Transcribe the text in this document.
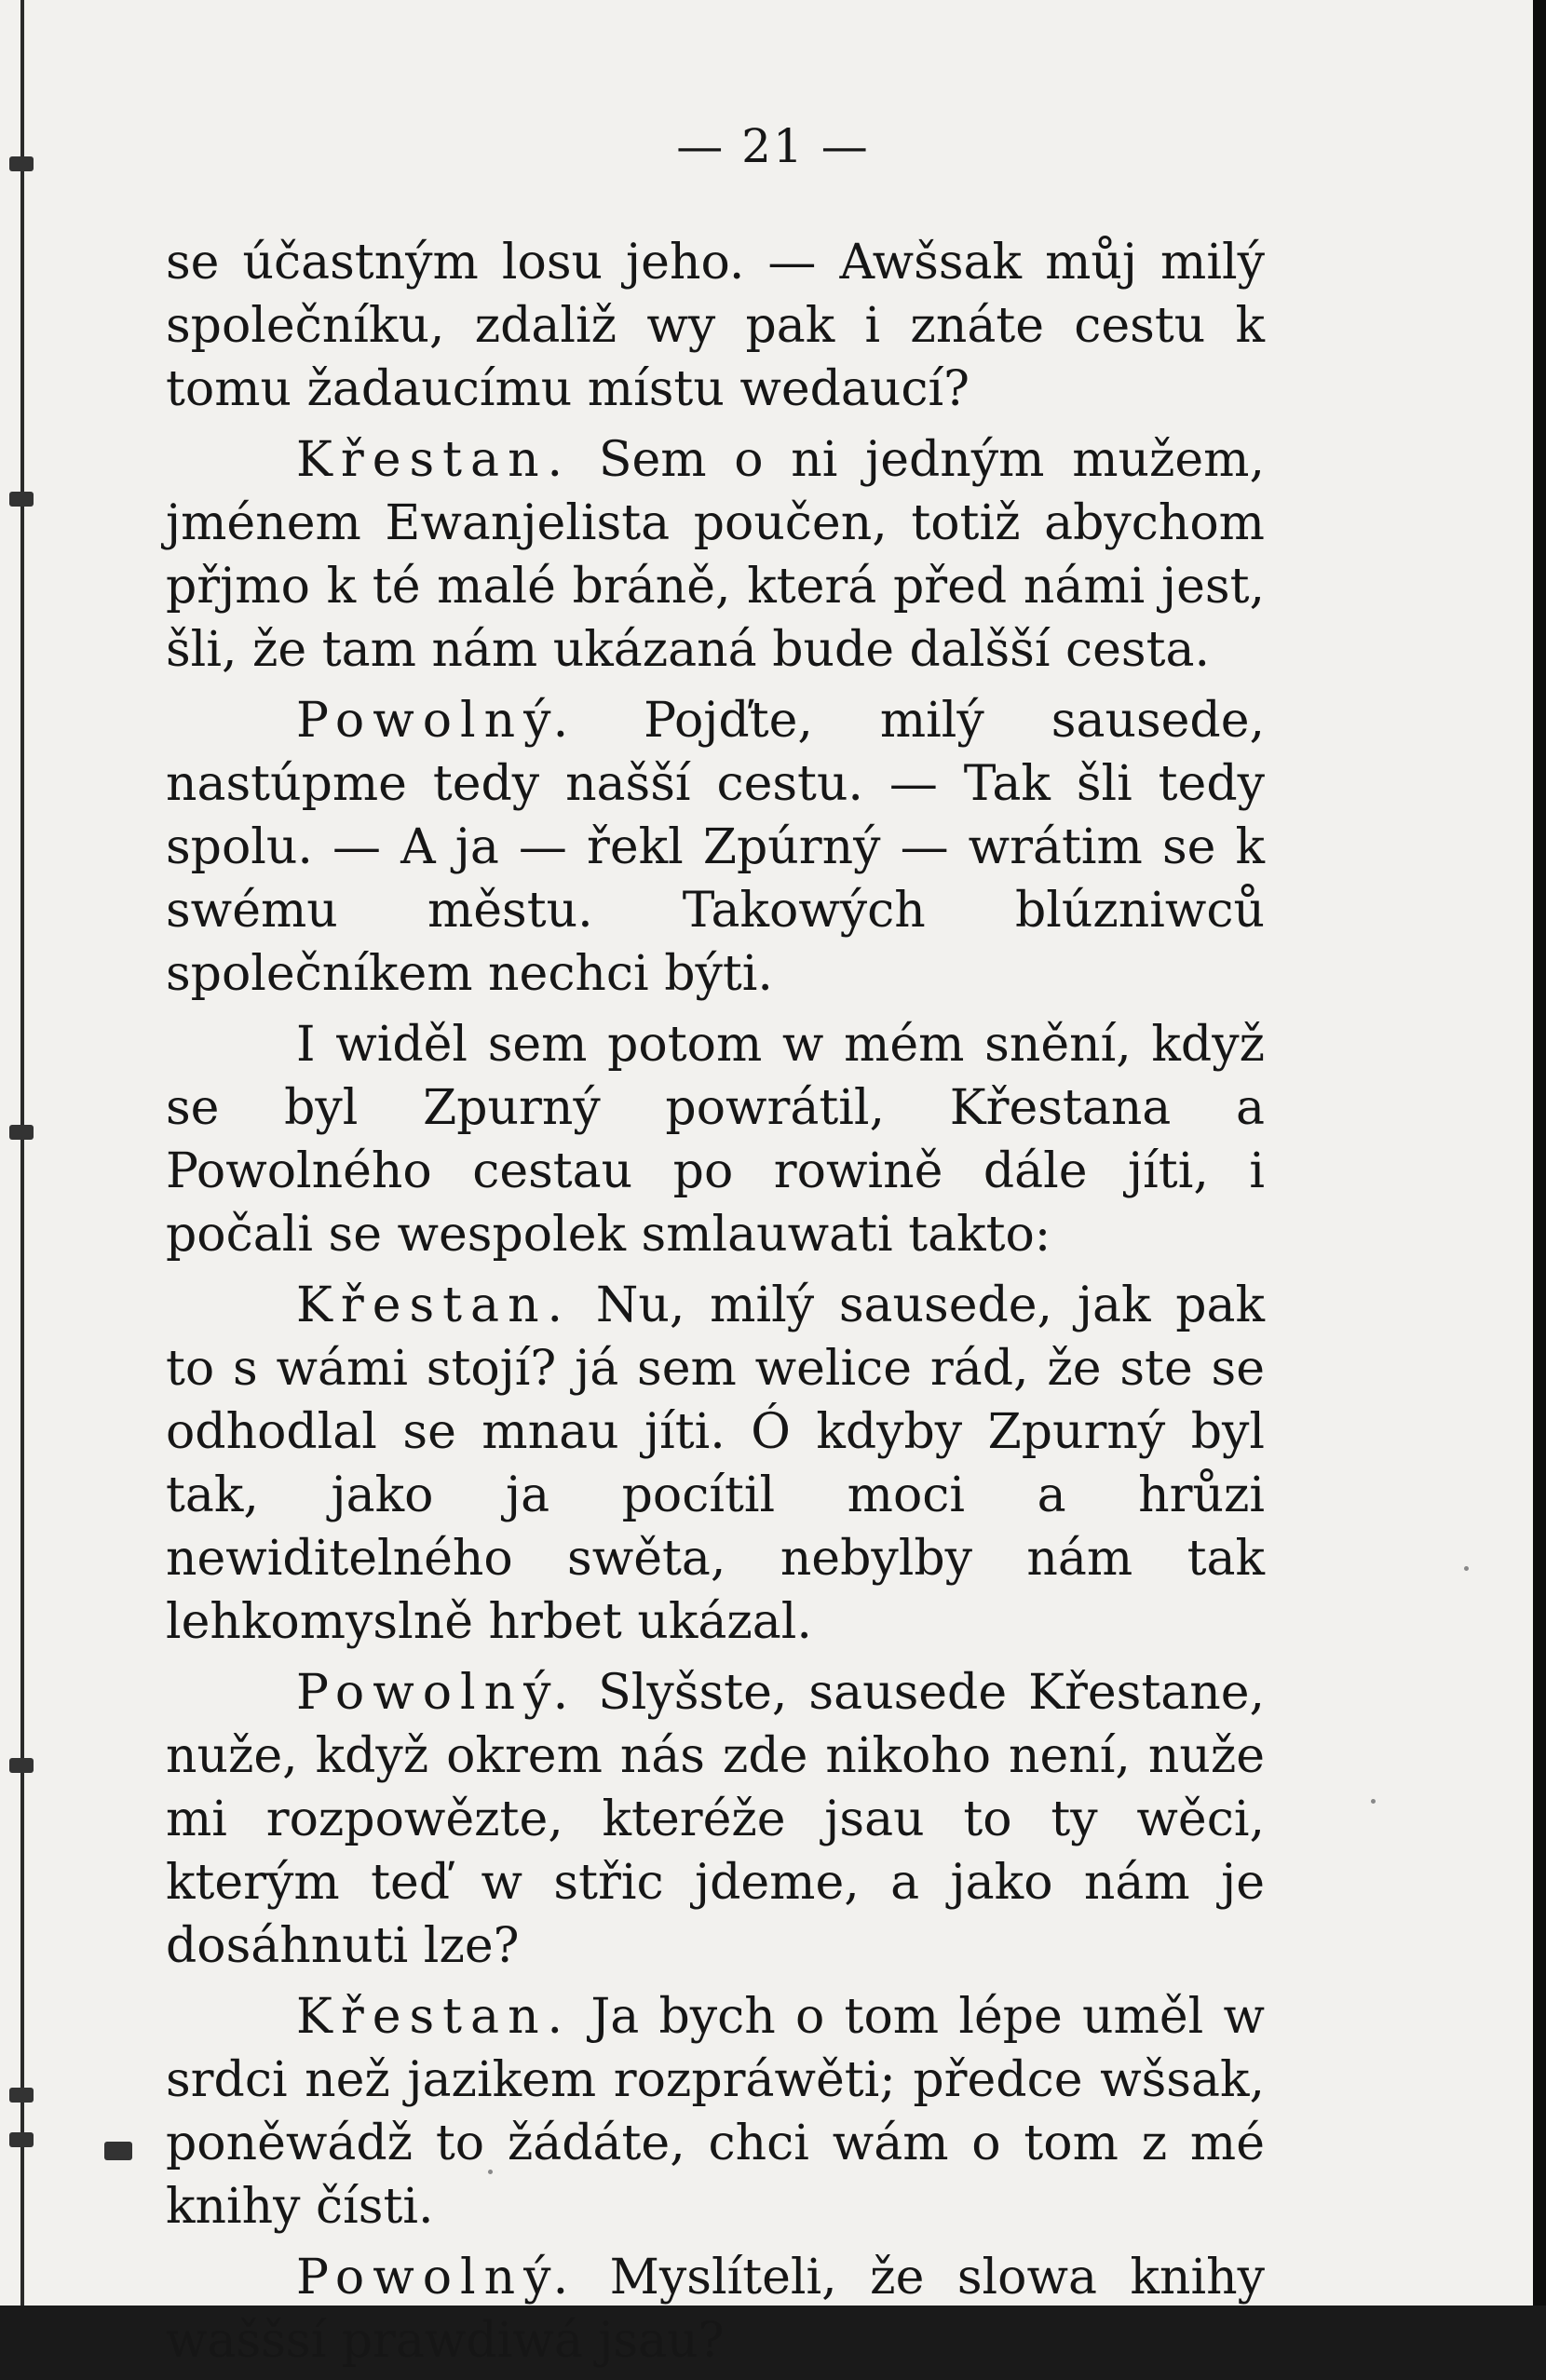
— 21 —

se účastným losu jeho. — Awšsak můj milý společníku, zdaliž wy pak i znáte cestu k tomu žadaucímu místu wedaucí?

Křestan. Sem o ni jedným mužem, jménem Ewanjelista poučen, totiž abychom přjmo k té malé bráně, která před námi jest, šli, že tam nám ukázaná bude dalšší cesta.

Powolný. Pojďte, milý sausede, nastúpme tedy našší cestu. — Tak šli tedy spolu. — A ja — řekl Zpúrný — wrátim se k swému městu. Takowých blúzniwců společníkem nechci býti.

I widěl sem potom w mém snění, když se byl Zpurný powrátil, Křestana a Powolného cestau po rowině dále jíti, i počali se wespolek smlauwati takto:

Křestan. Nu, milý sausede, jak pak to s wámi stojí? já sem welice rád, že ste se odhodlal se mnau jíti. Ó kdyby Zpurný byl tak, jako ja pocítil moci a hrůzi newiditelného swěta, nebylby nám tak lehkomyslně hrbet ukázal.

Powolný. Slyšste, sausede Křestane, nuže, když okrem nás zde nikoho není, nuže mi rozpowězte, kteréže jsau to ty wěci, kterým teď w střic jdeme, a jako nám je dosáhnuti lze?

Křestan. Ja bych o tom lépe uměl w srdci než jazikem rozpráwěti; předce wšsak, poněwádž to žádáte, chci wám o tom z mé knihy čísti.

Powolný. Myslíteli, že slowa knihy waššsí prawdiwá jsau?
